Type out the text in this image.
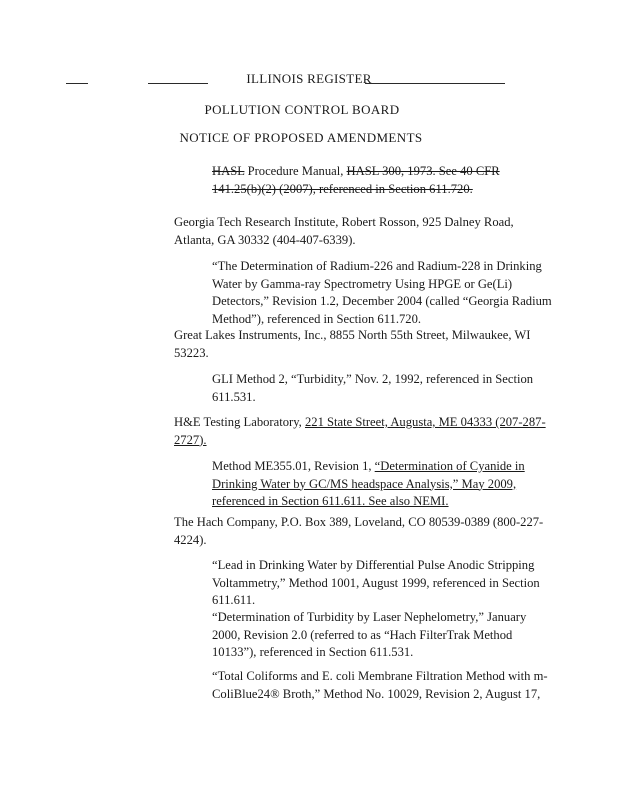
ILLINOIS REGISTER
POLLUTION CONTROL BOARD
NOTICE OF PROPOSED AMENDMENTS
HASL Procedure Manual, HASL 300, 1973. See 40 CFR 141.25(b)(2) (2007), referenced in Section 611.720.
Georgia Tech Research Institute, Robert Rosson, 925 Dalney Road, Atlanta, GA 30332 (404-407-6339).
“The Determination of Radium-226 and Radium-228 in Drinking Water by Gamma-ray Spectrometry Using HPGE or Ge(Li) Detectors,” Revision 1.2, December 2004 (called “Georgia Radium Method”), referenced in Section 611.720.
Great Lakes Instruments, Inc., 8855 North 55th Street, Milwaukee, WI 53223.
GLI Method 2, “Turbidity,” Nov. 2, 1992, referenced in Section 611.531.
H&E Testing Laboratory, 221 State Street, Augusta, ME 04333 (207-287-2727).
Method ME355.01, Revision 1, “Determination of Cyanide in Drinking Water by GC/MS headspace Analysis,” May 2009, referenced in Section 611.611. See also NEMI.
The Hach Company, P.O. Box 389, Loveland, CO 80539-0389 (800-227-4224).
“Lead in Drinking Water by Differential Pulse Anodic Stripping Voltammetry,” Method 1001, August 1999, referenced in Section 611.611.
“Determination of Turbidity by Laser Nephelometry,” January 2000, Revision 2.0 (referred to as “Hach FilterTrak Method 10133”), referenced in Section 611.531.
“Total Coliforms and E. coli Membrane Filtration Method with m-ColiBlue24® Broth,” Method No. 10029, Revision 2, August 17,
